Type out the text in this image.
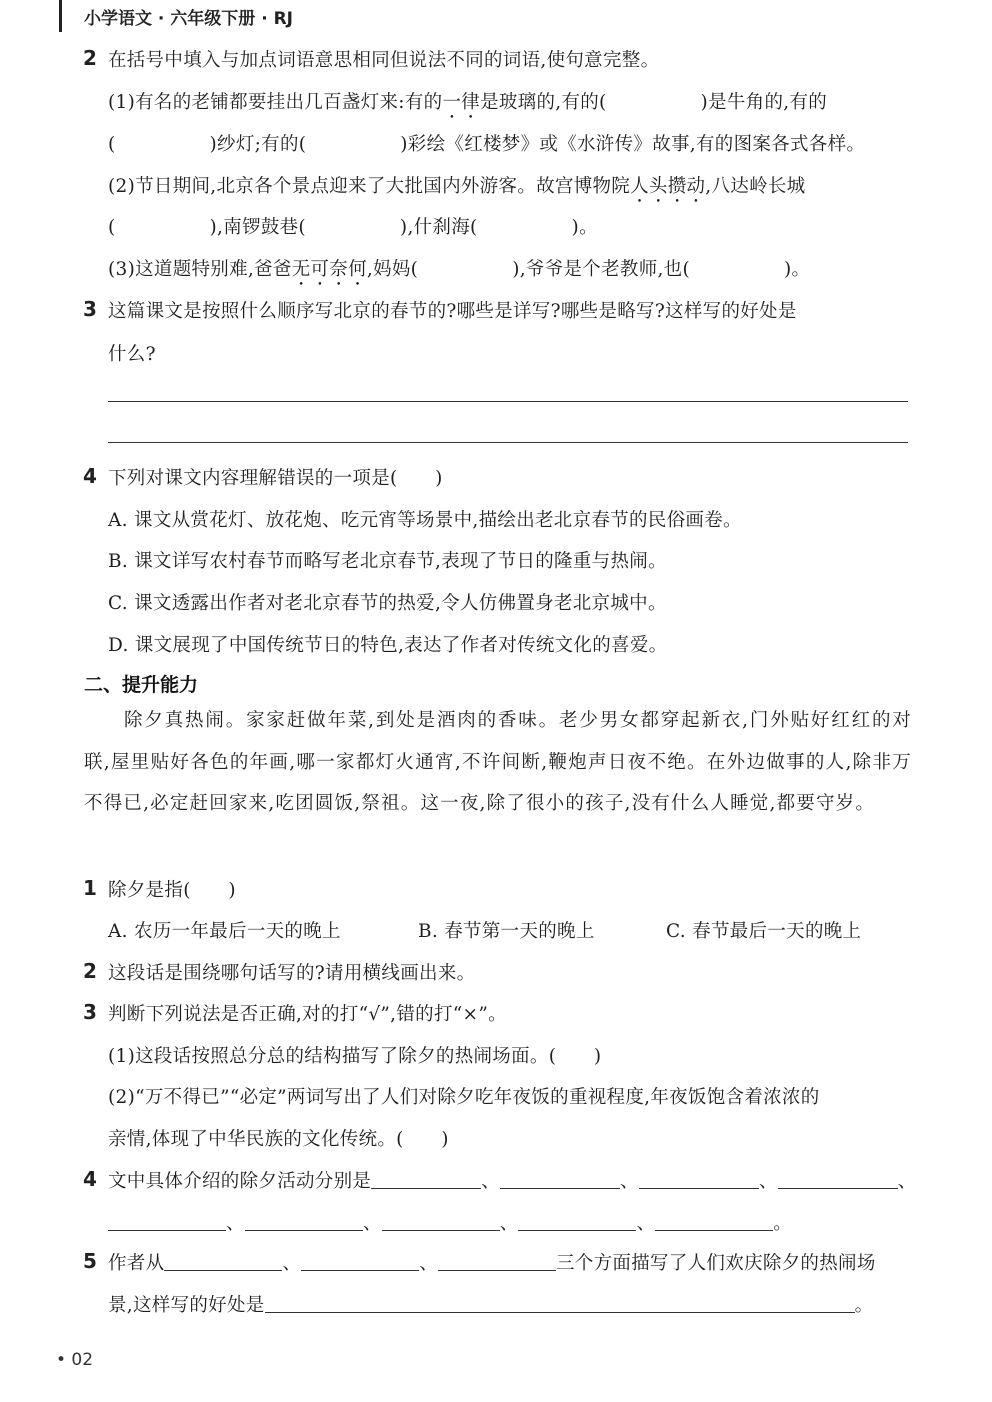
小学语文 · 六年级下册 · RJ
2 在括号中填入与加点词语意思相同但说法不同的词语,使句意完整。
(1)有名的老铺都要挂出几百盏灯来:有的一律是玻璃的,有的(　　　　　)是牛角的,有的
(　　　　　)纱灯;有的(　　　　　)彩绘《红楼梦》或《水浒传》故事,有的图案各式各样。
(2)节日期间,北京各个景点迎来了大批国内外游客。故宫博物院人头攒动,八达岭长城
(　　　　　),南锣鼓巷(　　　　　),什刹海(　　　　　)。
(3)这道题特别难,爸爸无可奈何,妈妈(　　　　　),爷爷是个老教师,也(　　　　　)。
3 这篇课文是按照什么顺序写北京的春节的?哪些是详写?哪些是略写?这样写的好处是
什么?
4 下列对课文内容理解错误的一项是(　　)
A. 课文从赏花灯、放花炮、吃元宵等场景中,描绘出老北京春节的民俗画卷。
B. 课文详写农村春节而略写老北京春节,表现了节日的隆重与热闹。
C. 课文透露出作者对老北京春节的热爱,令人仿佛置身老北京城中。
D. 课文展现了中国传统节日的特色,表达了作者对传统文化的喜爱。
二、提升能力
除夕真热闹。家家赶做年菜,到处是酒肉的香味。老少男女都穿起新衣,门外贴好红红的对联,屋里贴好各色的年画,哪一家都灯火通宵,不许间断,鞭炮声日夜不绝。在外边做事的人,除非万不得已,必定赶回家来,吃团圆饭,祭祖。这一夜,除了很小的孩子,没有什么人睡觉,都要守岁。
1 除夕是指(　　)
A. 农历一年最后一天的晚上	B. 春节第一天的晚上	C. 春节最后一天的晚上
2 这段话是围绕哪句话写的?请用横线画出来。
3 判断下列说法是否正确,对的打“√”,错的打“×”。
(1)这段话按照总分总的结构描写了除夕的热闹场面。(　　)
(2)“万不得已”“必定”两词写出了人们对除夕吃年夜饭的重视程度,年夜饭饱含着浓浓的
亲情,体现了中华民族的文化传统。(　　)
4 文中具体介绍的除夕活动分别是	、	、	、	、
、	、	、	、	。
5 作者从	、	、	三个方面描写了人们欢庆除夕的热闹场
景,这样写的好处是	。
• 02
